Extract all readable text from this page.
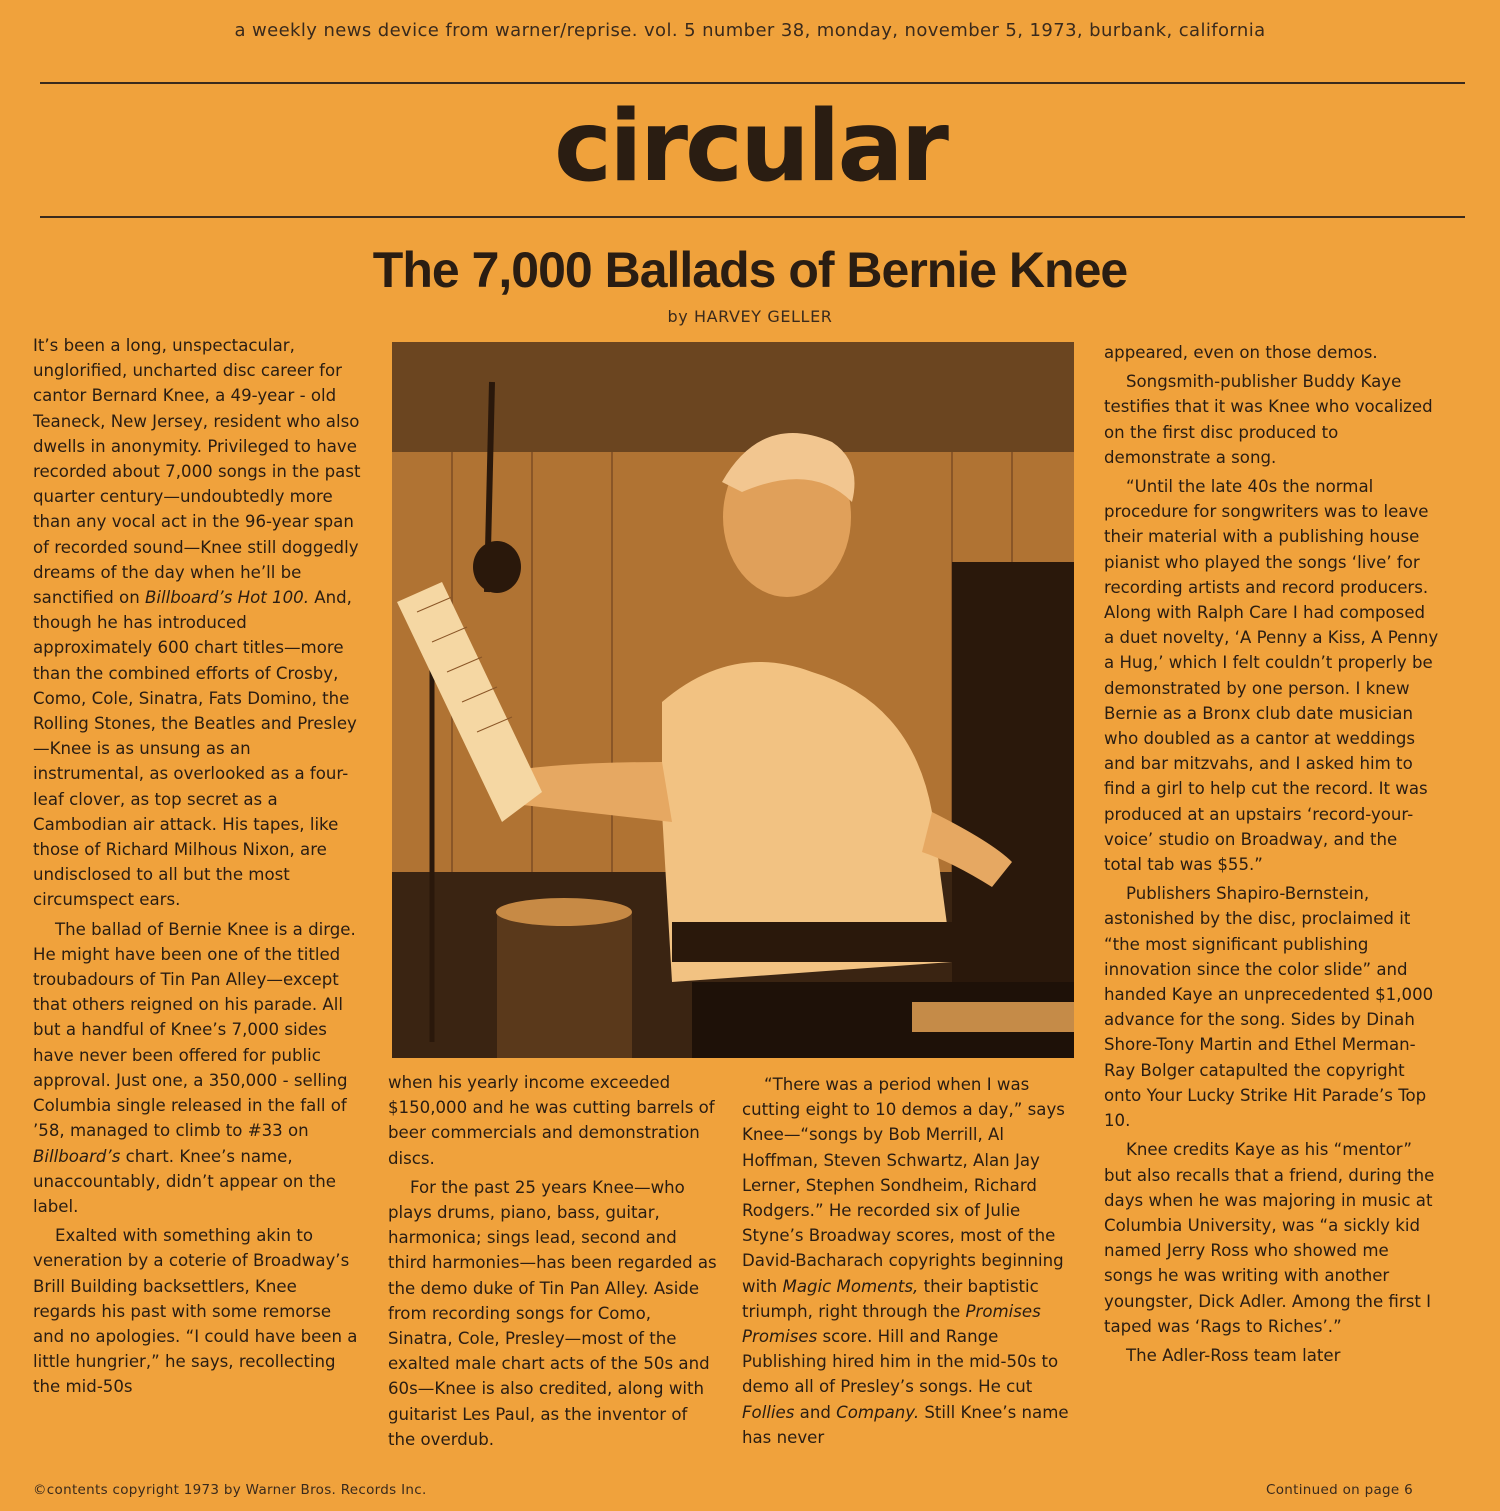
a weekly news device from warner/reprise. vol. 5 number 38, monday, november 5, 1973, burbank, california
circular
The 7,000 Ballads of Bernie Knee
by HARVEY GELLER

It’s been a long, unspectacular, unglorified, uncharted disc career for cantor Bernard Knee, a 49-year - old Teaneck, New Jersey, resident who also dwells in anonymity. Privileged to have recorded about 7,000 songs in the past quarter century—undoubtedly more than any vocal act in the 96-year span of recorded sound—Knee still doggedly dreams of the day when he’ll be sanctified on Billboard’s Hot 100. And, though he has introduced approximately 600 chart titles—more than the combined efforts of Crosby, Como, Cole, Sinatra, Fats Domino, the Rolling Stones, the Beatles and Presley—Knee is as unsung as an instrumental, as overlooked as a four-leaf clover, as top secret as a Cambodian air attack. His tapes, like those of Richard Milhous Nixon, are undisclosed to all but the most circumspect ears.

The ballad of Bernie Knee is a dirge. He might have been one of the titled troubadours of Tin Pan Alley—except that others reigned on his parade. All but a handful of Knee’s 7,000 sides have never been offered for public approval. Just one, a 350,000 - selling Columbia single released in the fall of ’58, managed to climb to #33 on Billboard’s chart. Knee’s name, unaccountably, didn’t appear on the label.

Exalted with something akin to veneration by a coterie of Broadway’s Brill Building backsettlers, Knee regards his past with some remorse and no apologies. “I could have been a little hungrier,” he says, recollecting the mid-50s

when his yearly income exceeded $150,000 and he was cutting barrels of beer commercials and demonstration discs.

For the past 25 years Knee—who plays drums, piano, bass, guitar, harmonica; sings lead, second and third harmonies—has been regarded as the demo duke of Tin Pan Alley. Aside from recording songs for Como, Sinatra, Cole, Presley—most of the exalted male chart acts of the 50s and 60s—Knee is also credited, along with guitarist Les Paul, as the inventor of the overdub.

“There was a period when I was cutting eight to 10 demos a day,” says Knee—“songs by Bob Merrill, Al Hoffman, Steven Schwartz, Alan Jay Lerner, Stephen Sondheim, Richard Rodgers.” He recorded six of Julie Styne’s Broadway scores, most of the David-Bacharach copyrights beginning with Magic Moments, their baptistic triumph, right through the Promises Promises score. Hill and Range Publishing hired him in the mid-50s to demo all of Presley’s songs. He cut Follies and Company. Still Knee’s name has never

appeared, even on those demos.

Songsmith-publisher Buddy Kaye testifies that it was Knee who vocalized on the first disc produced to demonstrate a song.

“Until the late 40s the normal procedure for songwriters was to leave their material with a publishing house pianist who played the songs ‘live’ for recording artists and record producers. Along with Ralph Care I had composed a duet novelty, ‘A Penny a Kiss, A Penny a Hug,’ which I felt couldn’t properly be demonstrated by one person. I knew Bernie as a Bronx club date musician who doubled as a cantor at weddings and bar mitzvahs, and I asked him to find a girl to help cut the record. It was produced at an upstairs ‘record-your-voice’ studio on Broadway, and the total tab was $55.”

Publishers Shapiro-Bernstein, astonished by the disc, proclaimed it “the most significant publishing innovation since the color slide” and handed Kaye an unprecedented $1,000 advance for the song. Sides by Dinah Shore-Tony Martin and Ethel Merman-Ray Bolger catapulted the copyright onto Your Lucky Strike Hit Parade’s Top 10.

Knee credits Kaye as his “mentor” but also recalls that a friend, during the days when he was majoring in music at Columbia University, was “a sickly kid named Jerry Ross who showed me songs he was writing with another youngster, Dick Adler. Among the first I taped was ‘Rags to Riches’.”

The Adler-Ross team later

©contents copyright 1973 by Warner Bros. Records Inc.	Continued on page 6
